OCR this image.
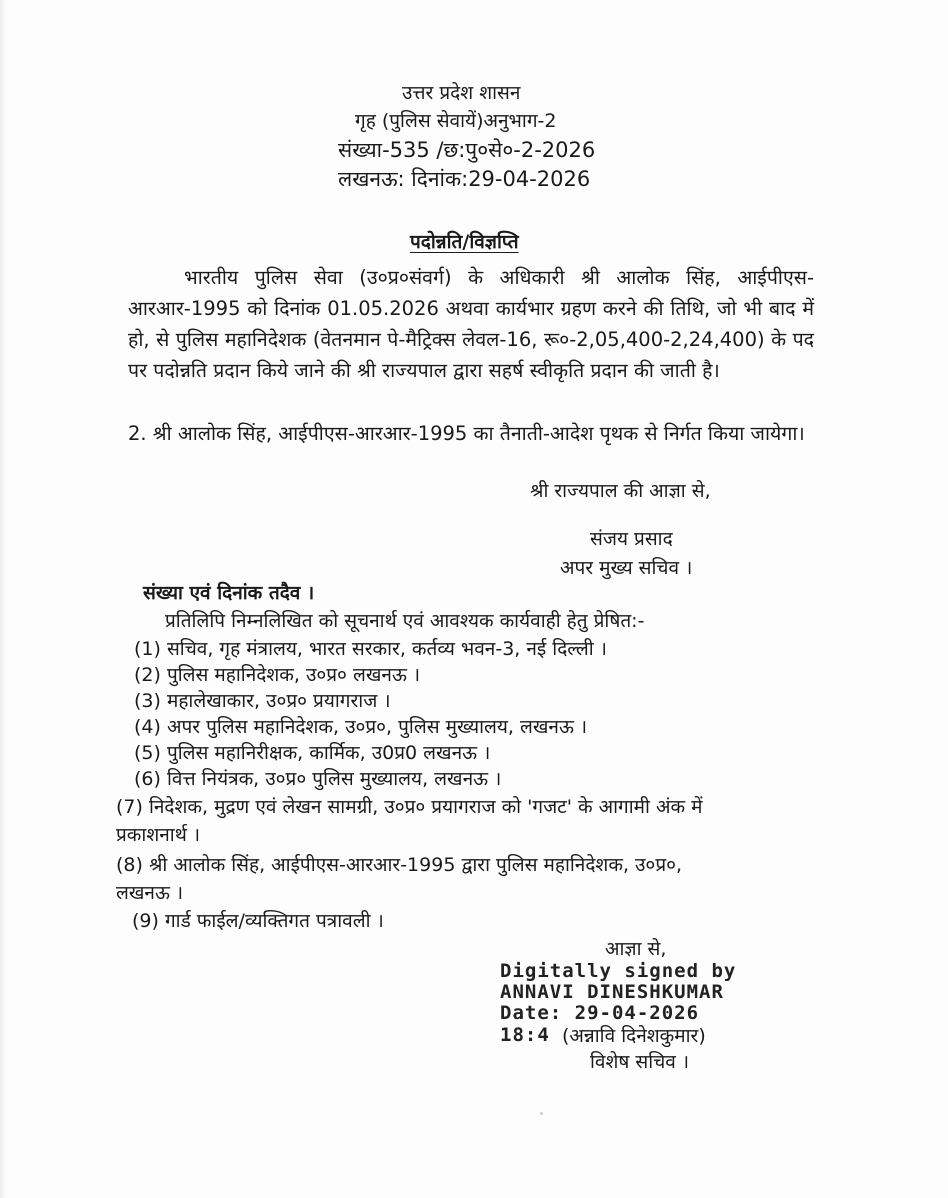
उत्तर प्रदेश शासन
गृह (पुलिस सेवायें)अनुभाग-2
संख्या-535 /छ:पु०से०-2-2026
लखनऊ: दिनांक:29-04-2026
पदोन्नति/विज्ञप्ति
भारतीय पुलिस सेवा (उ०प्र०संवर्ग) के अधिकारी श्री आलोक सिंह, आईपीएस-आरआर-1995 को दिनांक 01.05.2026 अथवा कार्यभार ग्रहण करने की तिथि, जो भी बाद में हो, से पुलिस महानिदेशक (वेतनमान पे-मैट्रिक्स लेवल-16, रू०-2,05,400-2,24,400) के पद पर पदोन्नति प्रदान किये जाने की श्री राज्यपाल द्वारा सहर्ष स्वीकृति प्रदान की जाती है।
2. श्री आलोक सिंह, आईपीएस-आरआर-1995 का तैनाती-आदेश पृथक से निर्गत किया जायेगा।
श्री राज्यपाल की आज्ञा से,
संजय प्रसाद
अपर मुख्य सचिव ।
संख्या एवं दिनांक तदैव ।
प्रतिलिपि निम्नलिखित को सूचनार्थ एवं आवश्यक कार्यवाही हेतु प्रेषित:-
(1) सचिव, गृह मंत्रालय, भारत सरकार, कर्तव्य भवन-3, नई दिल्ली ।
(2) पुलिस महानिदेशक, उ०प्र० लखनऊ ।
(3) महालेखाकार, उ०प्र० प्रयागराज ।
(4) अपर पुलिस महानिदेशक, उ०प्र०, पुलिस मुख्यालय, लखनऊ ।
(5) पुलिस महानिरीक्षक, कार्मिक, उ0प्र0 लखनऊ ।
(6) वित्त नियंत्रक, उ०प्र० पुलिस मुख्यालय, लखनऊ ।
(7) निदेशक, मुद्रण एवं लेखन सामग्री, उ०प्र० प्रयागराज को 'गजट' के आगामी अंक में
प्रकाशनार्थ ।
(8) श्री आलोक सिंह, आईपीएस-आरआर-1995 द्वारा पुलिस महानिदेशक, उ०प्र०,
लखनऊ ।
(9) गार्ड फाईल/व्यक्तिगत पत्रावली ।
आज्ञा से,
Digitally signed by
ANNAVI DINESHKUMAR
Date: 29-04-2026
18:4 (अन्नावि दिनेशकुमार)
विशेष सचिव ।
